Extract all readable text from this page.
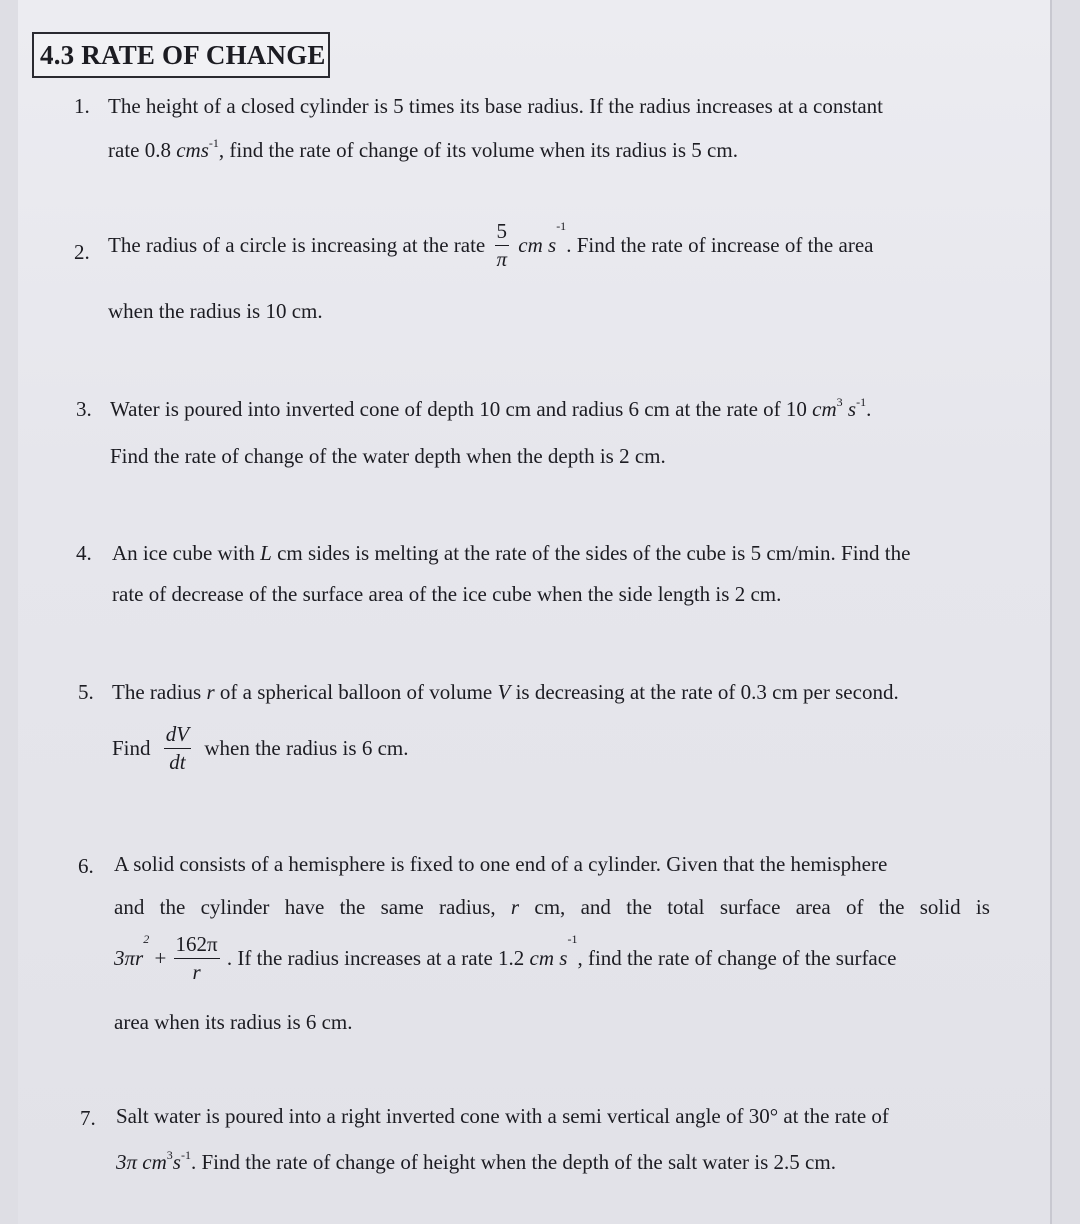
4.3 RATE OF CHANGE
1. The height of a closed cylinder is 5 times its base radius. If the radius increases at a constant
rate 0.8 cms$^{-1}$, find the rate of change of its volume when its radius is 5 cm.
2. The radius of a circle is increasing at the rate $\frac{5}{\pi}$ cm $s^{-1}$. Find the rate of increase of the area
when the radius is 10 cm.
3. Water is poured into inverted cone of depth 10 cm and radius 6 cm at the rate of 10 $cm^3$ $s^{-1}$.
Find the rate of change of the water depth when the depth is 2 cm.
4. An ice cube with L cm sides is melting at the rate of the sides of the cube is 5 cm/min. Find the
rate of decrease of the surface area of the ice cube when the side length is 2 cm.
5. The radius r of a spherical balloon of volume V is decreasing at the rate of 0.3 cm per second.
Find $\frac{dV}{dt}$ when the radius is 6 cm.
6. A solid consists of a hemisphere is fixed to one end of a cylinder. Given that the hemisphere
and the cylinder have the same radius, r cm, and the total surface area of the solid is
$3\pi r^2 + \frac{162\pi}{r}$ . If the radius increases at a rate 1.2 cm $s^{-1}$, find the rate of change of the surface
area when its radius is 6 cm.
7. Salt water is poured into a right inverted cone with a semi vertical angle of 30° at the rate of
3π $cm^3s^{-1}$. Find the rate of change of height when the depth of the salt water is 2.5 cm.
